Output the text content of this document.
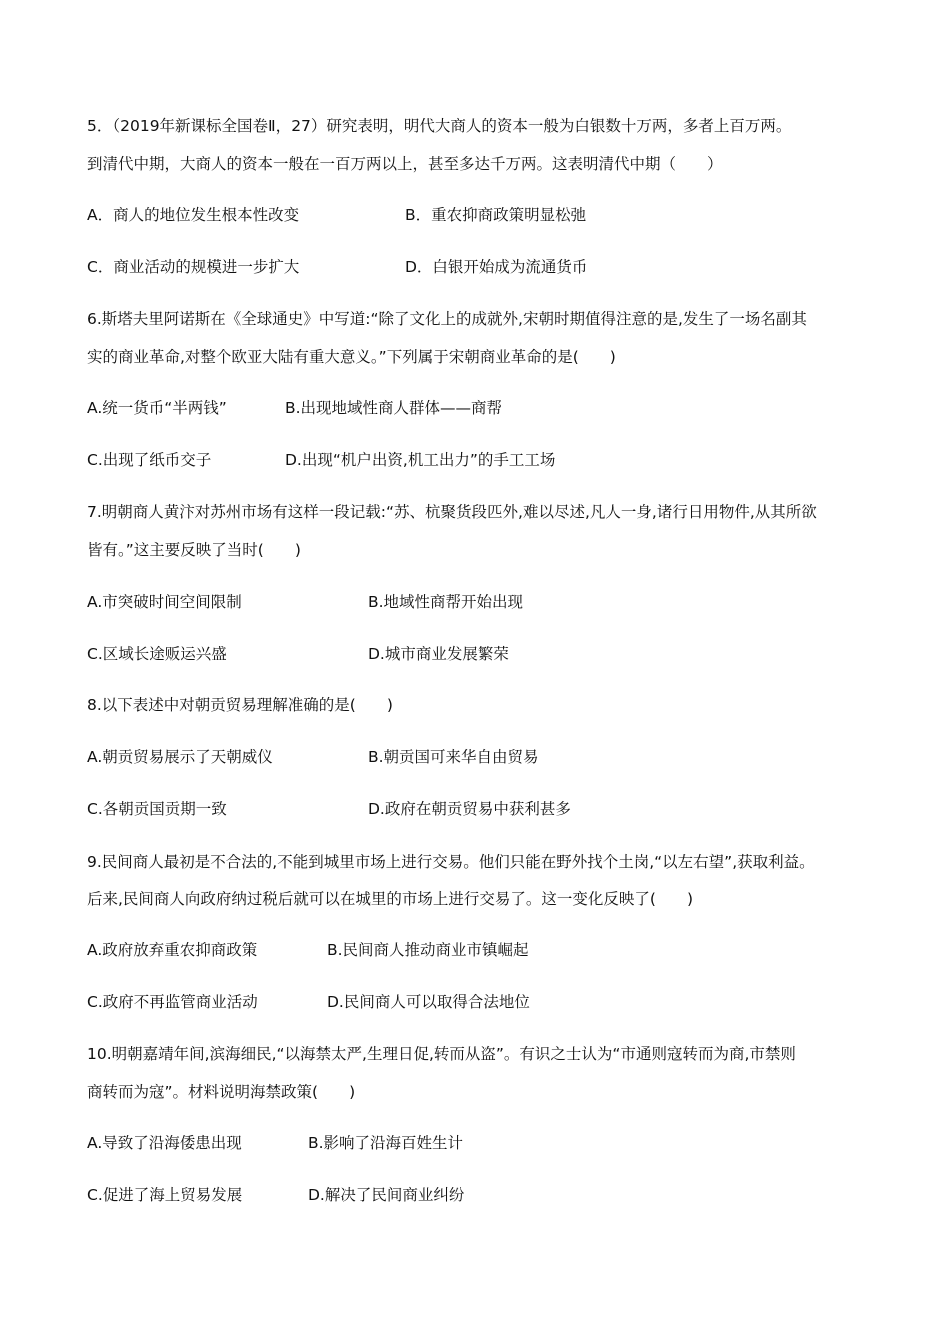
5．（2019年新课标全国卷Ⅱ，27）研究表明，明代大商人的资本一般为白银数十万两，多者上百万两。
到清代中期，大商人的资本一般在一百万两以上，甚至多达千万两。这表明清代中期（　　）
A．商人的地位发生根本性改变	B．重农抑商政策明显松弛
C．商业活动的规模进一步扩大	D．白银开始成为流通货币
6.斯塔夫里阿诺斯在《全球通史》中写道:“除了文化上的成就外,宋朝时期值得注意的是,发生了一场名副其
实的商业革命,对整个欧亚大陆有重大意义。”下列属于宋朝商业革命的是(　　)
A.统一货币“半两钱”	B.出现地域性商人群体——商帮
C.出现了纸币交子	D.出现“机户出资,机工出力”的手工工场
7.明朝商人黄汴对苏州市场有这样一段记载:“苏、杭聚货段匹外,难以尽述,凡人一身,诸行日用物件,从其所欲
皆有。”这主要反映了当时(　　)
A.市突破时间空间限制	B.地域性商帮开始出现
C.区域长途贩运兴盛	D.城市商业发展繁荣
8.以下表述中对朝贡贸易理解准确的是(　　)
A.朝贡贸易展示了天朝威仪	B.朝贡国可来华自由贸易
C.各朝贡国贡期一致	D.政府在朝贡贸易中获利甚多
9.民间商人最初是不合法的,不能到城里市场上进行交易。他们只能在野外找个土岗,“以左右望”,获取利益。
后来,民间商人向政府纳过税后就可以在城里的市场上进行交易了。这一变化反映了(　　)
A.政府放弃重农抑商政策	B.民间商人推动商业市镇崛起
C.政府不再监管商业活动	D.民间商人可以取得合法地位
10.明朝嘉靖年间,滨海细民,“以海禁太严,生理日促,转而从盗”。有识之士认为“市通则寇转而为商,市禁则
商转而为寇”。材料说明海禁政策(　　)
A.导致了沿海倭患出现	B.影响了沿海百姓生计
C.促进了海上贸易发展	D.解决了民间商业纠纷
